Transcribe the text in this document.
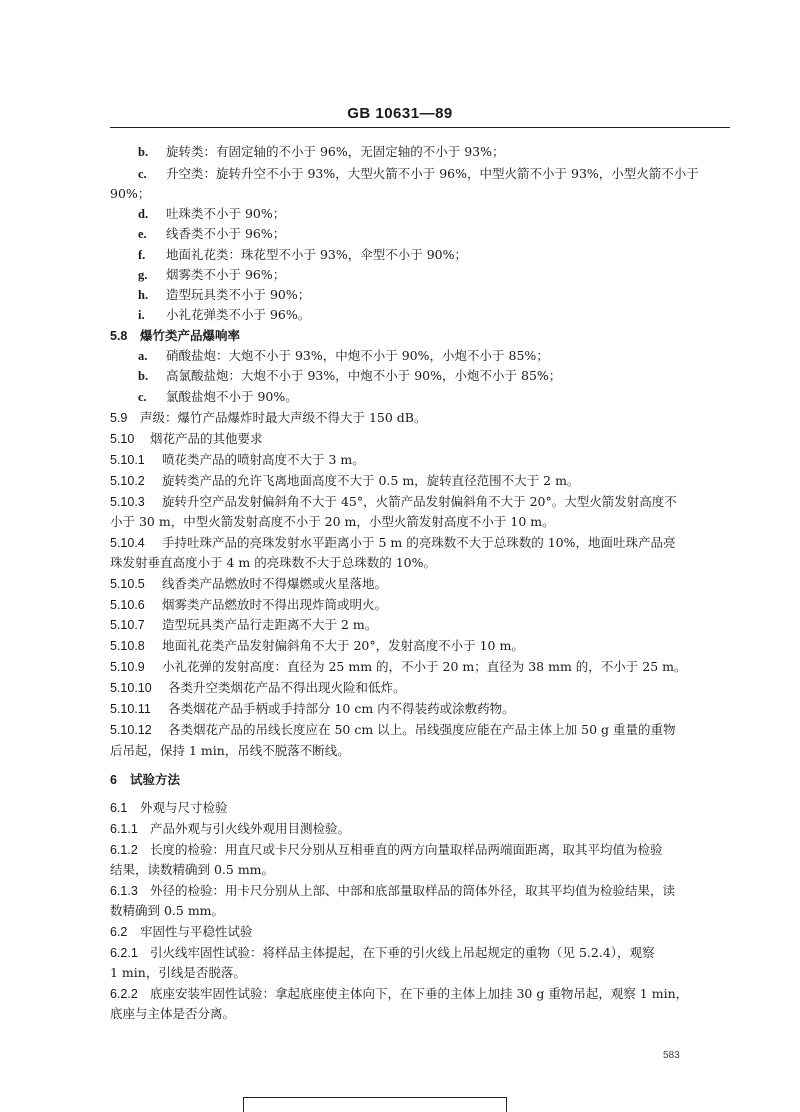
GB 10631—89
b. 旋转类：有固定轴的不小于 96%，无固定轴的不小于 93%；
c. 升空类：旋转升空不小于 93%，大型火箭不小于 96%，中型火箭不小于 93%，小型火箭不小于
90%；
d. 吐珠类不小于 90%；
e. 线香类不小于 96%；
f. 地面礼花类：珠花型不小于 93%，伞型不小于 90%；
g. 烟雾类不小于 96%；
h. 造型玩具类不小于 90%；
i. 小礼花弹类不小于 96%。
5.8 爆竹类产品爆响率
a. 硝酸盐炮：大炮不小于 93%，中炮不小于 90%，小炮不小于 85%；
b. 高氯酸盐炮：大炮不小于 93%，中炮不小于 90%，小炮不小于 85%；
c. 氯酸盐炮不小于 90%。
5.9 声级：爆竹产品爆炸时最大声级不得大于 150 dB。
5.10 烟花产品的其他要求
5.10.1 喷花类产品的喷射高度不大于 3 m。
5.10.2 旋转类产品的允许飞离地面高度不大于 0.5 m，旋转直径范围不大于 2 m。
5.10.3 旋转升空产品发射偏斜角不大于 45°，火箭产品发射偏斜角不大于 20°。大型火箭发射高度不
小于 30 m，中型火箭发射高度不小于 20 m，小型火箭发射高度不小于 10 m。
5.10.4 手持吐珠产品的亮珠发射水平距离小于 5 m 的亮珠数不大于总珠数的 10%，地面吐珠产品亮
珠发射垂直高度小于 4 m 的亮珠数不大于总珠数的 10%。
5.10.5 线香类产品燃放时不得爆燃或火星落地。
5.10.6 烟雾类产品燃放时不得出现炸筒或明火。
5.10.7 造型玩具类产品行走距离不大于 2 m。
5.10.8 地面礼花类产品发射偏斜角不大于 20°，发射高度不小于 10 m。
5.10.9 小礼花弹的发射高度：直径为 25 mm 的，不小于 20 m；直径为 38 mm 的，不小于 25 m。
5.10.10 各类升空类烟花产品不得出现火险和低炸。
5.10.11 各类烟花产品手柄或手持部分 10 cm 内不得装药或涂敷药物。
5.10.12 各类烟花产品的吊线长度应在 50 cm 以上。吊线强度应能在产品主体上加 50 g 重量的重物
后吊起，保持 1 min，吊线不脱落不断线。
6 试验方法
6.1 外观与尺寸检验
6.1.1 产品外观与引火线外观用目测检验。
6.1.2 长度的检验：用直尺或卡尺分别从互相垂直的两方向量取样品两端面距离，取其平均值为检验
结果，读数精确到 0.5 mm。
6.1.3 外径的检验：用卡尺分别从上部、中部和底部量取样品的筒体外径，取其平均值为检验结果，读
数精确到 0.5 mm。
6.2 牢固性与平稳性试验
6.2.1 引火线牢固性试验：将样品主体提起，在下垂的引火线上吊起规定的重物（见 5.2.4），观察
1 min，引线是否脱落。
6.2.2 底座安装牢固性试验：拿起底座使主体向下，在下垂的主体上加挂 30 g 重物吊起，观察 1 min，
底座与主体是否分离。
583
